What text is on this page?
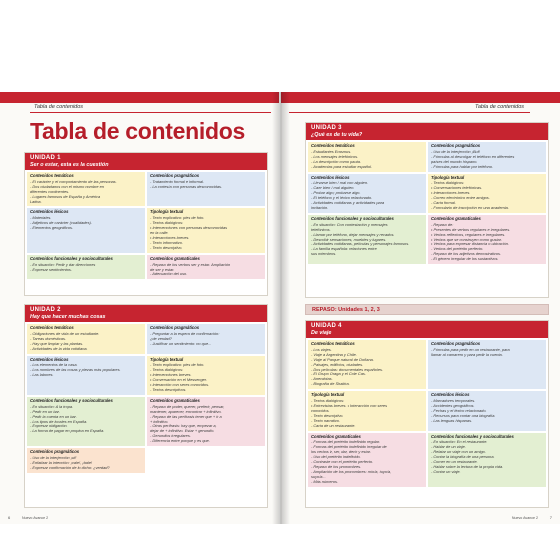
Tabla de contenidos
Tabla de contenidos
UNIDAD 1
Ser o estar, esta es la cuestión
Contenidos temáticos
- El carácter y el comportamiento de las personas.
- Dos ciudadanos con el mismo nombre en
diferentes continentes.
- Lugares famosos de España y América
Latina.
Contenidos pragmáticos
- Tratamiento formal e informal.
- La cortesía con personas desconocidas.
Contenidos léxicos
- Materiales.
- Adjetivos de carácter (cualidades).
- Elementos geográficos.
Tipología textual
- Texto explicativo: pies de foto.
- Textos dialógicos:
• Intervenciones con personas desconocidas
en la calle.
• Interacciones breves.
- Texto informativo.
- Texto descriptivo.
Contenidos funcionales y socioculturales
- En situación: Pedir y dar direcciones
- Expresar sentimientos.
Contenidos gramaticales
- Repaso de los verbos ser y estar. Ampliación
de ser y estar.
- Adecuación del uso.
UNIDAD 2
Hay que hacer muchas cosas
Contenidos temáticos
- Obligaciones de vida de un estudiante.
- Tareas domésticas.
- Hay que limpiar y las plantas.
- Actividades de la vida cotidiana.
Contenidos pragmáticos
- Preguntar a la espera de confirmación:
¿de verdad?
- Justificar un sentimiento: no que...
Contenidos léxicos
- Los elementos de la casa.
- Los nombres de las cosas y piezas más populares.
- Las labores.
Tipología textual
- Texto explicativo: pies de foto.
- Textos dialógicos:
• Intervenciones breves.
• Conversación en el Messenger.
• Interacción con seres conocidos.
- Textos descriptivos.
Contenidos funcionales y socioculturales
- En situación: A la tropa.
- Pedir en un bar.
- Pedir la cuenta en un bar.
- Los tipos de locales en España.
- Expresar obligación.
- La forma de pagar en propina en España.
Contenidos gramaticales
- Repaso de poder, querer, preferir, pensar,
mantener, aparecer, encontrar + infinitivo.
- Repaso de las perífrasis tener que + ir a
+ infinitivo.
- Otras perífrasis: hay que, empezar a,
dejar de + infinitivo. Estar + gerundio.
- Gerundios irregulares.
- Diferencia entre porque y es que.
Contenidos pragmáticos
- Uso de la interjección ¡uf!
- Enfatizar la intención: ¡vale!, ¡bale!
- Expresar confirmación de lo dicho: ¿verdad?
6	Nuevo Avance 2
Tabla de contenidos
UNIDAD 3
¿Qué es de tu vida?
Contenidos temáticos
- Estudiantes Erasmus.
- Los mensajes telefónicos.
- La descripción como pauta.
- Academias para estudiar español.
Contenidos pragmáticos
- Uso de la interjección ¡Buf!
- Fórmulas al descolgar el teléfono en diferentes
países del mundo hispano.
- Fórmulas para hablar por teléfono.
Contenidos léxicos
- Llevarse bien / mal con alguien.
- Caer bien / mal alguien.
- Probar algo; probarse algo.
- El teléfono y el léxico relacionado.
- Actividades cotidianas y actividades para
invitación.
Tipología textual
- Textos dialógicos:
• Conversaciones telefónicas.
• Interacciones breves.
- Correo electrónico entre amigos.
- Carta formal.
- Formulario de inscripción en una academia.
Contenidos funcionales y socioculturales
- En situación: Con contestación y mensajes
telefónicos.
- Llamar por teléfono, dejar mensajes y recados.
- Describir sensaciones, muebles y lugares.
- Actividades cotidianas, películas y personajes famosos.
- La familia española: relaciones entre
sus miembros.
Contenidos gramaticales
- Repaso de:
• Presentes de verbos regulares e irregulares.
• Verbos reflexivos, regulares e irregulares.
• Verbos que se construyen como gustar.
• Verbos para expresar distancia o ubicación.
- Verbos del pretérito perfecto.
- Repaso de los adjetivos demostrativos.
- El género irregular de los sustantivos.
REPASO: Unidades 1, 2, 3
UNIDAD 4
De viaje
Contenidos temáticos
- Los viajes.
- Viaje a Argentina y Chile.
- Viaje al Parque natural de Doñana.
- Paisajes, edificios, ciudades.
- Dos películas: documentales españoles.
- El Grupo Oraga y el Cole Cas.
- Anecdotas.
- Biografía de Shakira.
Contenidos pragmáticos
- Fórmulas para pedir en un restaurante, para
llamar al camarero y para pedir la cuenta.
Tipología textual
- Textos dialógicos:
• Entrevistas breves. • Interacción con seres
conocidos.
- Texto descriptivo.
- Texto narrativo.
- Carta de un restaurante.
Contenidos léxicos
- Marcadores temporales.
- Accidentes geográficos.
- Fechas y el léxico relacionado.
- Recursos para contar una biografía.
- Las lenguas hispanas.
Contenidos gramaticales
- Formas del pretérito indefinido regular.
- Formas del pretérito indefinido irregular de
los verbos ir, ser, dar, decir y estar.
- Uso del pretérito indefinido.
- Contraste con el pretérito perfecto.
- Repaso de los pronombres.
- Ampliación de los pronombres: mío/a, tuyo/a,
suyo/a...
- Más números.
Contenidos funcionales y socioculturales
- En situación: En el restaurante.
- Hablar de un viaje.
- Relatar un viaje con un amigo.
- Contar la biografía de una persona.
- Comer en un restaurante.
- Hablar sobre la lectura de la propia vida.
- Contar un viaje.
Nuevo Avance 2	7
